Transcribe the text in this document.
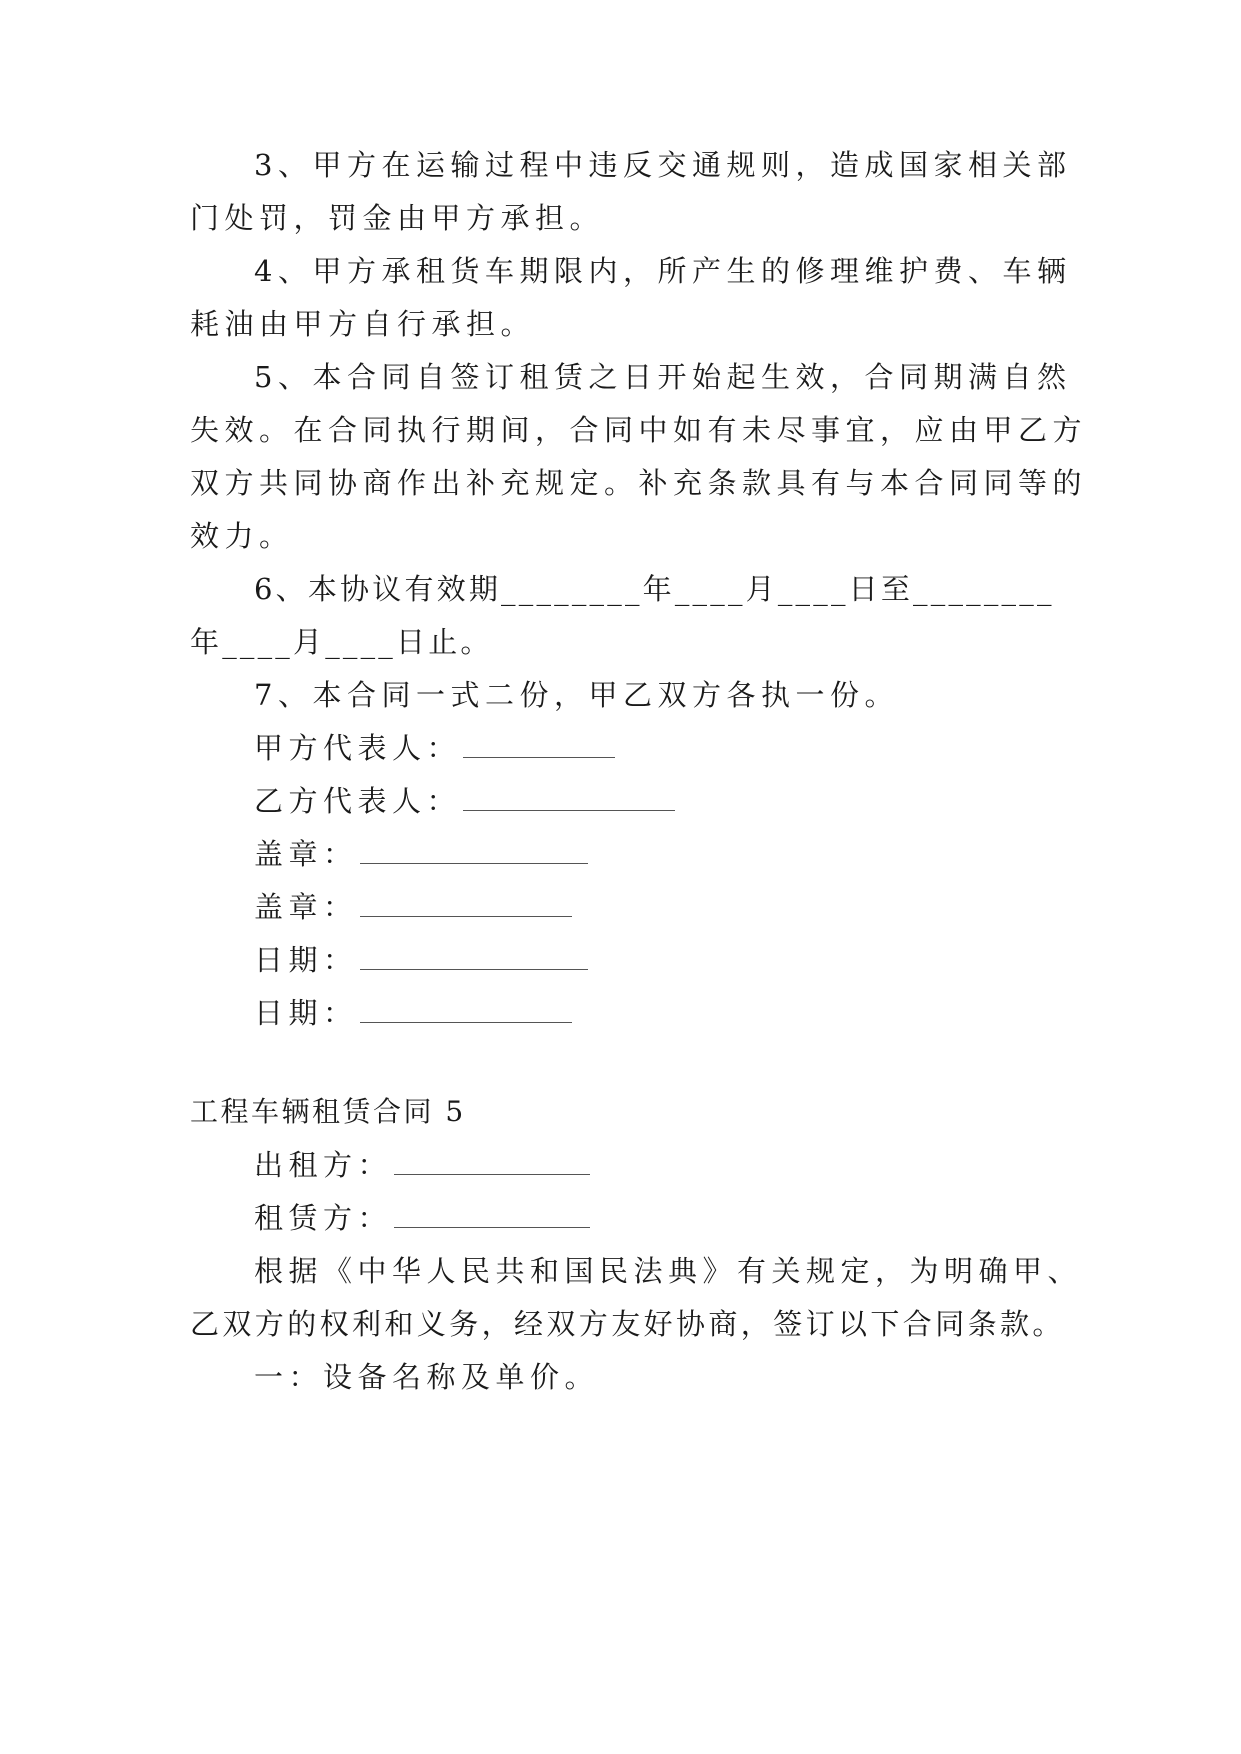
3、甲方在运输过程中违反交通规则，造成国家相关部
门处罚，罚金由甲方承担。
4、甲方承租货车期限内，所产生的修理维护费、车辆
耗油由甲方自行承担。
5、本合同自签订租赁之日开始起生效，合同期满自然
失效。在合同执行期间，合同中如有未尽事宜，应由甲乙方
双方共同协商作出补充规定。补充条款具有与本合同同等的
效力。
6、本协议有效期________年____月____日至________
年____月____日止。
7、本合同一式二份，甲乙双方各执一份。
甲方代表人：
乙方代表人：
盖章：
盖章：
日期：
日期：
工程车辆租赁合同 5
出租方：
租赁方：
根据《中华人民共和国民法典》有关规定，为明确甲、
乙双方的权利和义务，经双方友好协商，签订以下合同条款。
一：设备名称及单价。
